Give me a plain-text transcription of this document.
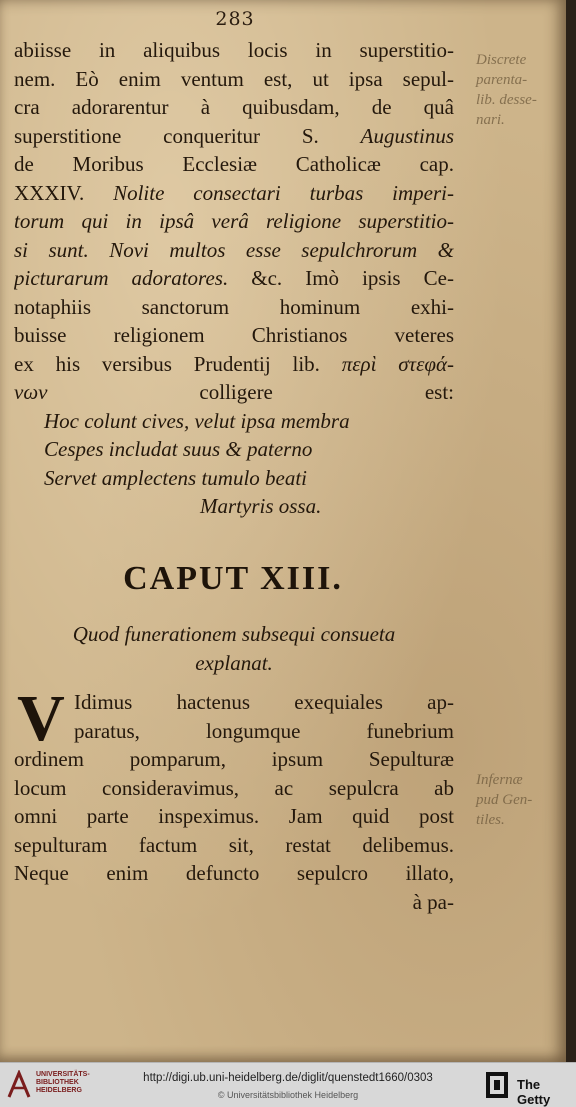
283
abiisse in aliquibus locis in superstitio-
nem. Eò enim ventum est, ut ipsa sepul-
cra adorarentur à quibusdam, de quâ
superstitione conqueritur S. Augustinus
de Moribus Ecclesiæ Catholicæ cap.
XXXIV. Nolite consectari turbas imperi-
torum qui in ipsâ verâ religione superstitio-
si sunt. Novi multos esse sepulchrorum &
picturarum adoratores. &c. Imò ipsis Ce-
notaphiis sanctorum hominum exhi-
buisse religionem Christianos veteres
ex his versibus Prudentij lib. περὶ στεφά-
νων colligere est:
Hoc colunt cives, velut ipsa membra
Cespes includat suus & paterno
Servet amplectens tumulo beati
Martyris ossa.
Discrete
parenta-
lib. desse-
nari.
Infernæ
pud Gen-
tiles.
CAPUT XIII.
Quod funerationem subsequi consueta
explanat.
V Idimus hactenus exequiales ap-
paratus, longumque funebrium
ordinem pomparum, ipsum Sepulturæ
locum consideravimus, ac sepulcra ab
omni parte inspeximus. Jam quid post
sepulturam factum sit, restat delibemus.
Neque enim defuncto sepulcro illato,
à pa-
UNIVERSITÄTS-
BIBLIOTHEK
HEIDELBERG
http://digi.ub.uni-heidelberg.de/diglit/quenstedt1660/0303
© Universitätsbibliothek Heidelberg
The Getty
